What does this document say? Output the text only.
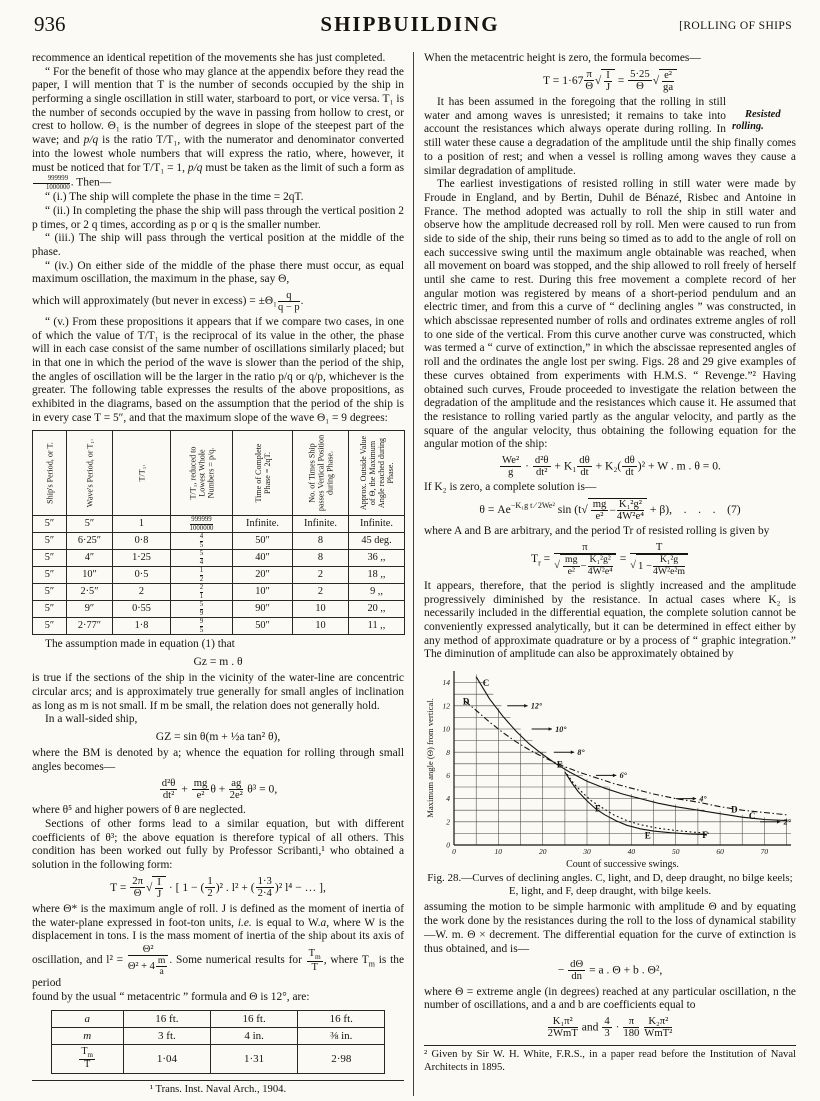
936	SHIPBUILDING	[ROLLING OF SHIPS

recommence an identical repetition of the movements she has just completed.

“ For the benefit of those who may glance at the appendix before they read the paper, I will mention that T is the number of seconds occupied by the ship in performing a single oscillation in still water, starboard to port, or vice versa. T₁ is the number of seconds occupied by the wave in passing from hollow to crest, or crest to hollow. Θ₁ is the number of degrees in slope of the steepest part of the wave; and p/q is the ratio T/T₁, with the numerator and denominator converted into the lowest whole numbers that will express the ratio, where, however, it must be noticed that for T/T₁ = 1, p/q must be taken as the limit of such a form as
$\frac{999999}{1000000}$ . Then—

“ (i.) The ship will complete the phase in the time = 2qT.

“ (ii.) In completing the phase the ship will pass through the vertical position 2 p times, or 2 q times, according as p or q is the smaller number.

“ (iii.) The ship will pass through the vertical position at the middle of the phase.

“ (iv.) On either side of the middle of the phase there must occur, as equal maximum oscillation, the maximum in the phase, say Θ,

which will approximately (but never in excess) = $\pm\Theta_1 \frac{q}{q - p}$ .

“ (v.) From these propositions it appears that if we compare two cases, in one of which the value of T/T₁ is the reciprocal of its value in the other, the phase will in each case consist of the same number of oscillations similarly placed; but in that one in which the period of the wave is slower than the period of the ship, the angles of oscillation will be the larger in the ratio p/q or q/p, whichever is the greater. The following table expresses the results of the above propositions, as exhibited in the diagrams, based on the assumption that the period of the ship is in every case T = 5″, and that the maximum slope of the wave Θ₁ = 9 degrees:

Ship's Period, or T.	Wave's Period, or T₁.	T/T₁.	T/T₁, reduced to Lowest Whole Numbers = p/q.	Time of Complete Phase = 2qT.	No. of Times Ship passes Vertical Position during Phase.	Approx. Outside Value of Θ, the Maximum Angle reached during Phase.

5″	5″	1	$\frac{999999}{1000000}$	Infinite.	Infinite.	Infinite.
5″	6·25″	0·8	$\frac{4}{5}$	50″	8	45 deg.
5″	4″	1·25	$\frac{5}{4}$	40″	8	36 ,,
5″	10″	0·5	$\frac{1}{2}$	20″	2	18 ,,
5″	2·5″	2	$\frac{2}{1}$	10″	2	9 ,,
5″	9″	0·55	$\frac{5}{9}$	90″	10	20 ,,
5″	2·77″	1·8	$\frac{9}{5}$	50″	10	11 ,,

The assumption made in equation (1) that

Gz = m . θ

is true if the sections of the ship in the vicinity of the water-line are concentric circular arcs; and is approximately true generally for small angles of inclination as long as m is not small. If m be small, the relation does not generally hold.

In a wall-sided ship,

GZ = sin θ(m + ½a tan² θ),

where the BM is denoted by a; whence the equation for rolling through small angles becomes—

$\frac{\text{d²θ}}{\text{dt²}} + \frac{mg}{\text{e²}}$ $\theta + \frac{ag}{\text{2e²}} \theta^3 = 0$,

where θ⁵ and higher powers of θ are neglected.

Sections of other forms lead to a similar equation, but with different coefficients of θ³; the above equation is therefore typical of all others. This condition has been worked out fully by Professor Scribanti,¹ who obtained a solution in the following form:

$T = \frac{2\pi}{\Theta}$ √ $\frac{I}{J}$ · [ 1 − ( $\frac{1}{2} )^2$ . l² + ( $\frac{1\cdot 3}{2\cdot 4} )^2$ l⁴ − … ],

where Θ* is the maximum angle of roll. J is defined as the moment of inertia of the water-plane expressed in foot-ton units, i.e. is equal to W.a, where W is the displacement in tons. I is the mass moment of inertia of the ship about its axis of oscillation, and $l^2 = \frac{\text{Θ²}}{\Theta^2 + 4 \frac{m}{a}}$ . Some numerical results for $\frac{T_m}{T}$ , where $T_m$ is the period

found by the usual “ metacentric ” formula and Θ is 12°, are:

a	16 ft.	16 ft.	16 ft.
m	3 ft.	4 in.	⅜ in.

$\frac{T_m}{T}$	1·04	1·31	2·98

¹ Trans. Inst. Naval Arch., 1904.

When the metacentric height is zero, the formula becomes—

$T = 1\cdot 67 \frac{\pi}{\Theta}$ √ $\frac{I}{J} = \frac{5\cdot 25}{\Theta}$ √ $\frac{\text{e²}}{ga}$

Resisted rolling.
It has been assumed in the foregoing that the rolling in still water and among waves is unresisted; it remains to take into account the resistances which always operate during rolling. In still water these cause a degradation of the amplitude until the ship finally comes to a position of rest; and when a vessel is rolling among waves they cause a similar degradation of amplitude.

The earliest investigations of resisted rolling in still water were made by Froude in England, and by Bertin, Duhil de Bénazé, Risbec and Antoine in France. The method adopted was actually to roll the ship in still water and observe how the amplitude decreased roll by roll. Men were caused to run from side to side of the ship, their runs being so timed as to add to the angle of roll on each successive swing until the maximum angle obtainable was reached, when all movement on board was stopped, and the ship allowed to roll freely of herself until she came to rest. During this free movement a complete record of her angular motion was registered by means of a short-period pendulum and an electric timer, and from this a curve of “ declining angles ” was constructed, in which abscissae represented number of rolls and ordinates extreme angles of roll to one side of the vertical. From this curve another curve was constructed, which was termed a “ curve of extinction,” in which the abscissae represented angles of roll and the ordinates the angle lost per swing. Figs. 28 and 29 give examples of these curves obtained from experiments with H.M.S. “ Revenge.”² Having obtained such curves, Froude proceeded to investigate the relation between the degradation of the amplitude and the resistances which cause it. He assumed that the resistance to rolling varied partly as the angular velocity, and partly as the square of the angular velocity, thus obtaining the following equation for the angular motion of the ship:

$\frac{\text{We²}}{g} \cdot \frac{\text{d²θ}}{\text{dt²}} + K_1 \frac{d\theta}{dt} + K_2( \frac{d\theta}{dt} )^2 + W$ . m . θ = 0.

If K₂ is zero, a complete solution is—

$\theta = Ae^{-K_1g t ⁄ 2We^2}$ $\sin (t√ \frac{mg}{\text{e²}} - \frac{\text{K₁²g²}}{\text{4W²e⁴}} + \beta)$, . . . (7)

where A and B are arbitrary, and the period Tr of resisted rolling is given by

$T_r = \frac{\pi}{√ \frac{mg}{\text{e²}} - \frac{\text{K₁²g²}}{\text{4W²e⁴}}} = \frac{T}{√ 1 - \frac{\text{K₁²g}}{\text{4W²e²m}}}$

It appears, therefore, that the period is slightly increased and the amplitude progressively diminished by the resistance. In actual cases where K₂ is necessarily included in the differential equation, the complete solution cannot be conveniently expressed analytically, but it can be determined in effect either by any method of approximate quadrature or by a process of “ graphic integration.” The diminution of amplitude can also be approximately obtained by

12°
10°
8°
6°
4°
2°
C
D
E
F
E	F
D
C
0	10	20	30	40	50	60	70
0
2
4
6
8
10
12
14
Count of successive swings.
Maximum angle (Θ) from vertical.

Fig. 28.—Curves of declining angles. C, light, and D, deep draught, no bilge keels; E, light, and F, deep draught, with bilge keels.

assuming the motion to be simple harmonic with amplitude Θ and by equating the work done by the resistances during the roll to the loss of dynamical stability—W. m. Θ × decrement. The differential equation for the curve of extinction is thus obtained, and is—

− $\frac{d\Theta}{dn} = a$ . Θ + b . Θ²,

where Θ = extreme angle (in degrees) reached at any particular oscillation, n the number of oscillations, and a and b are coefficients equal to

$\frac{\text{K₁π²}}{\text{2WmT}}$ and $\frac{4}{3} \cdot \frac{\pi}{180}$
$\frac{\text{K₂π²}}{\text{WmT²}}$

² Given by Sir W. H. White, F.R.S., in a paper read before the Institution of Naval Architects in 1895.
